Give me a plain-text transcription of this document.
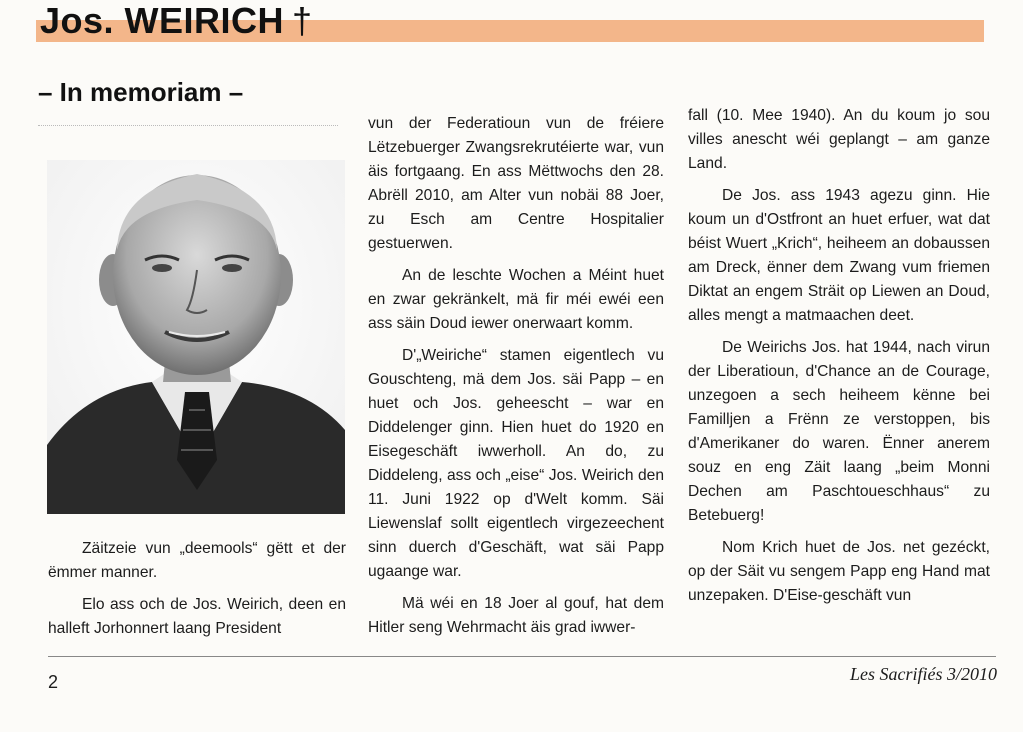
Jos. WEIRICH †
– In memoriam –

Zäitzeie vun „deemools“ gëtt et der ëmmer manner.

Elo ass och de Jos. Weirich, deen en halleft Jorhonnert laang President

vun der Federatioun vun de fréiere Lëtzebuerger Zwangsrekrutéierte war, vun äis fortgaang. En ass Mëttwochs den 28. Abrëll 2010, am Alter vun nobäi 88 Joer, zu Esch am Centre Hospitalier gestuerwen.

An de leschte Wochen a Méint huet en zwar gekränkelt, mä fir méi ewéi een ass säin Doud iewer onerwaart komm.

D'„Weiriche“ stamen eigentlech vu Gouschteng, mä dem Jos. säi Papp – en huet och Jos. geheescht – war en Diddelenger ginn. Hien huet do 1920 en Eisegeschäft iwwerholl. An do, zu Diddeleng, ass och „eise“ Jos. Weirich den 11. Juni 1922 op d'Welt komm. Säi Liewenslaf sollt eigentlech virgezeechent sinn duerch d'Geschäft, wat säi Papp ugaange war.

Mä wéi en 18 Joer al gouf, hat dem Hitler seng Wehrmacht äis grad iwwer-

fall (10. Mee 1940). An du koum jo sou villes anescht wéi geplangt – am ganze Land.

De Jos. ass 1943 agezu ginn. Hie koum un d'Ostfront an huet erfuer, wat dat béist Wuert „Krich“, heiheem an dobaussen am Dreck, ënner dem Zwang vum friemen Diktat an engem Sträit op Liewen an Doud, alles mengt a matmaachen deet.

De Weirichs Jos. hat 1944, nach virun der Liberatioun, d'Chance an de Courage, unzegoen a sech heiheem kënne bei Familljen a Frënn ze verstoppen, bis d'Amerikaner do waren. Ënner anerem souz en eng Zäit laang „beim Monni Dechen am Paschtoueschhaus“ zu Betebuerg!

Nom Krich huet de Jos. net gezéckt, op der Säit vu sengem Papp eng Hand mat unzepaken. D'Eise-geschäft vun

2	Les Sacrifiés 3/2010
